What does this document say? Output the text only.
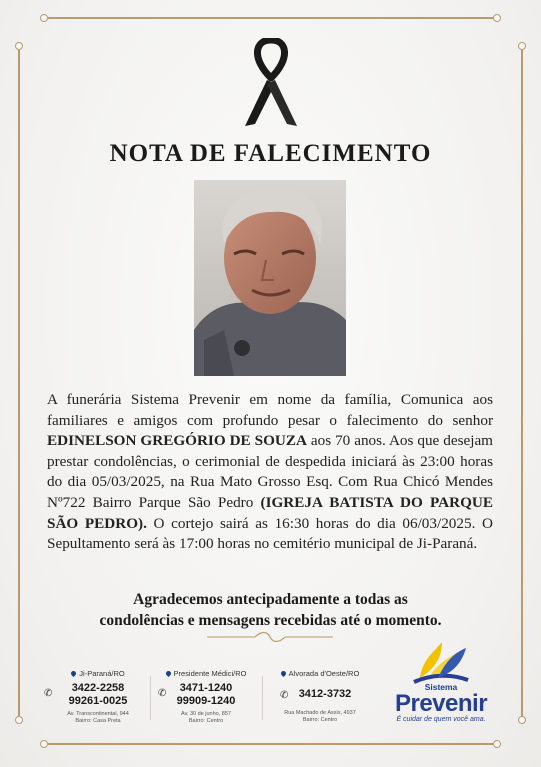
NOTA DE FALECIMENTO
A funerária Sistema Prevenir em nome da família, Comunica aos familiares e amigos com profundo pesar o falecimento do senhor EDINELSON GREGÓRIO DE SOUZA aos 70 anos. Aos que desejam prestar condolências, o cerimonial de despedida iniciará às 23:00 horas do dia 05/03/2025, na Rua Mato Grosso Esq. Com Rua Chicó Mendes Nº722 Bairro Parque São Pedro (IGREJA BATISTA DO PARQUE SÃO PEDRO). O cortejo sairá as 16:30 horas do dia 06/03/2025. O Sepultamento será às 17:00 horas no cemitério municipal de Ji-Paraná.
Agradecemos antecipadamente a todas as
condolências e mensagens recebidas até o momento.
Ji-Paraná/RO
3422-2258
99261-0025
Av. Transcontinental, 944
Bairro: Casa Preta
✆
Presidente Médici/RO
3471-1240
99909-1240
Av. 30 de junho, 857
Bairro: Centro
✆
Alvorada d'Oeste/RO
3412-3732
Rua Machado de Assis, 4937
Bairro: Centro
✆
Sistema
Prevenir
É cuidar de quem você ama.
